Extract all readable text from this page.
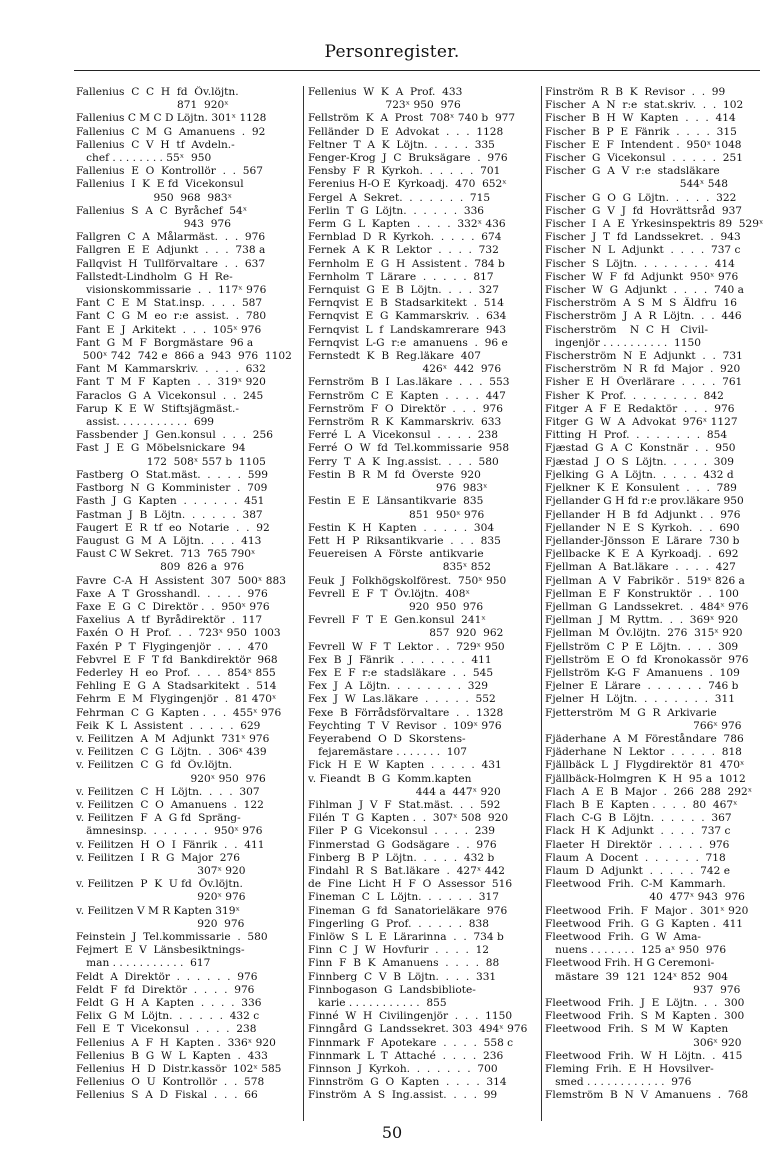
Personregister.
Fallenius  C  C  H  fd  Öv.löjtn.
871  920ˣ
Fallenius C M C D Löjtn. 301ˣ 1128
Fallenius  C  M  G  Amanuens  .  92
Fallenius  C  V  H  tf  Avdeln.-
chef . . . . . . . . 55ˣ  950
Fallenius  E  O  Kontrollör  .  .  567
Fallenius  I  K  E fd  Vicekonsul
950  968  983ˣ
Fallenius  S  A  C  Byråchef  54ˣ
943  976
Fallgren  C  A  Målarmäst.  .  .  976
Fallgren  E  E  Adjunkt  .  .  .  738 a
Fallqvist  H  Tullförvaltare  .  .  637
Fallstedt-Lindholm  G  H  Re-
visionskommissarie  .  .  117ˣ 976
Fant  C  E  M  Stat.insp.  .  .  .  587
Fant  C  G  M  eo  r:e  assist.  .  780
Fant  E  J  Arkitekt  .  .  .  105ˣ 976
Fant  G  M  F  Borgmästare  96 a
500ˣ 742  742 e  866 a  943  976  1102
Fant  M  Kammarskriv.  .  .  .  .  632
Fant  T  M  F  Kapten  .  .  319ˣ 920
Faraclos  G  A  Vicekonsul  .  .  245
Farup  K  E  W  Stiftsjägmäst.-
assist. . . . . . . . . . .  699
Fassbender  J  Gen.konsul  .  .  .  256
Fast  J  E  G  Möbelsnickare  94
172  508ˣ 557 b  1105
Fastberg  O  Stat.mäst.  .  .  .  .  599
Fastborg  N  G  Komminister  .  709
Fasth  J  G  Kapten  .  .  .  .  .  .  451
Fastman  J  B  Löjtn.  .  .  .  .  .  387
Faugert  E  R  tf  eo  Notarie  .  .  92
Faugust  G  M  A  Löjtn.  .  .  .  413
Faust C W Sekret.  713  765 790ˣ
809  826 a  976
Favre  C-A  H  Assistent  307  500ˣ 883
Faxe  A  T  Grosshandl.  .  .  .  .  976
Faxe  E  G  C  Direktör .  .  950ˣ 976
Faxelius  A  tf  Byrådirektör  .  117
Faxén  O  H  Prof.  .  .  723ˣ 950  1003
Faxén  P  T  Flygingenjör  .  .  .  470
Febvrel  E  F  T fd  Bankdirektör  968
Federley  H  eo  Prof.  .  .  .  854ˣ 855
Fehling  E  G  A  Stadsarkitekt  .  514
Fehrm  E  M  Flygingenjör  .  81 470ˣ
Fehrman  C  G  Kapten .  .  .  455ˣ 976
Feik  K  L  Assistent  .  .  .  .  .  629
v. Feilitzen  A  M  Adjunkt  731ˣ 976
v. Feilitzen  C  G  Löjtn.  .  306ˣ 439
v. Feilitzen  C  G  fd  Öv.löjtn.
920ˣ 950  976
v. Feilitzen  C  H  Löjtn.  .  .  .  307
v. Feilitzen  C  O  Amanuens  .  122
v. Feilitzen  F  A  G fd  Spräng-
ämnesinsp.  .  .  .  .  .  .  950ˣ 976
v. Feilitzen  H  O  I  Fänrik  .  .  411
v. Feilitzen  I  R  G  Major  276
307ˣ 920
v. Feilitzen  P  K  U fd  Öv.löjtn.
920ˣ 976
v. Feilitzen V M R Kapten 319ˣ
920  976
Feinstein  J  Tel.kommissarie  .  580
Fejmert  E  V  Länsbesiktnings-
man . . . . . . . . . . .  617
Feldt  A  Direktör  .  .  .  .  .  .  976
Feldt  F  fd  Direktör  .  .  .  .  976
Feldt  G  H  A  Kapten  .  .  .  .  336
Felix  G  M  Löjtn.  .  .  .  .  .  432 c
Fell  E  T  Vicekonsul  .  .  .  .  238
Fellenius  A  F  H  Kapten .  336ˣ 920
Fellenius  B  G  W  L  Kapten  .  433
Fellenius  H  D  Distr.kassör  102ˣ 585
Fellenius  O  U  Kontrollör  .  .  578
Fellenius  S  A  D  Fiskal  .  .  .  66
Fellenius  W  K  A  Prof.  433
723ˣ 950  976
Fellström  K  A  Prost  708ˣ 740 b  977
Felländer  D  E  Advokat  .  .  .  1128
Feltner  T  A  K  Löjtn.  .  .  .  .  335
Fenger-Krog  J  C  Bruksägare  .  976
Fensby  F  R  Kyrkoh.  .  .  .  .  .  701
Ferenius H-O E  Kyrkoadj.  470  652ˣ
Fergel  A  Sekret.  .  .  .  .  .  .  715
Ferlin  T  G  Löjtn.  .  .  .  .  .  336
Ferm  G  L  Kapten  .  .  .  .  332ˣ 436
Fernblad  D  R  Kyrkoh.  .  .  .  .  674
Fernek  A  K  R  Lektor  .  .  .  .  732
Fernholm  E  G  H  Assistent .  784 b
Fernholm  T  Lärare  .  .  .  .  .  817
Fernquist  G  E  B  Löjtn.  .  .  .  327
Fernqvist  E  B  Stadsarkitekt  .  514
Fernqvist  E  G  Kammarskriv.  .  634
Fernqvist  L  f  Landskamrerare  943
Fernqvist  L-G  r:e  amanuens  .  96 e
Fernstedt  K  B  Reg.läkare  407
426ˣ  442  976
Fernström  B  I  Las.läkare  .  .  .  553
Fernström  C  E  Kapten  .  .  .  .  447
Fernström  F  O  Direktör  .  .  .  976
Fernström  R  K  Kammarskriv.  633
Ferré  L  A  Vicekonsul  .  .  .  .  238
Ferré  O  W  fd  Tel.kommissarie  958
Ferry  T  A  K  Ing.assist.  .  .  .  580
Festin  B  R  M  fd  Överste  920
976  983ˣ
Festin  E  E  Länsantikvarie  835
851  950ˣ 976
Festin  K  H  Kapten  .  .  .  .  .  304
Fett  H  P  Riksantikvarie  .  .  .  835
Feuereisen  A  Förste  antikvarie
835ˣ 852
Feuk  J  Folkhögskolförest.  750ˣ 950
Fevrell  E  F  T  Öv.löjtn.  408ˣ
920  950  976
Fevrell  F  T  E  Gen.konsul  241ˣ
857  920  962
Fevrell  W  F  T  Lektor .  .  729ˣ 950
Fex  B  J  Fänrik  .  .  .  .  .  .  .  411
Fex  E  F  r:e  stadsläkare  .  .  545
Fex  J  A  Löjtn.  .  .  .  .  .  .  .  329
Fex  J  W  Las.läkare  .  .  .  .  .  552
Fexe  B  Förrådsförvaltare  .  .  1328
Feychting  T  V  Revisor  .  109ˣ 976
Feyerabend  O  D  Skorstens-
fejaremästare . . . . . . .  107
Fick  H  E  W  Kapten  .  .  .  .  .  431
v. Fieandt  B  G  Komm.kapten
444 a  447ˣ 920
Fihlman  J  V  F  Stat.mäst.  .  .  592
Filén  T  G  Kapten .  .  307ˣ 508  920
Filer  P  G  Vicekonsul  .  .  .  .  239
Finmerstad  G  Godsägare  .  .  976
Finberg  B  P  Löjtn.  .  .  .  .  432 b
Findahl  R  S  Bat.läkare  .  427ˣ 442
de  Fine  Licht  H  F  O  Assessor  516
Fineman  C  L  Löjtn.  .  .  .  .  .  317
Fineman  G  fd  Sanatorieläkare  976
Fingerling  G  Prof.  .  .  .  .  .  838
Finlöw  S  L  E  Lärarinna  .  .  734 b
Finn  C  J  W  Hovfurir  .  .  .  .  12
Finn  F  B  K  Amanuens  .  .  .  .  88
Finnberg  C  V  B  Löjtn.  .  .  .  331
Finnbogason  G  Landsbibliote-
karie . . . . . . . . . . .  855
Finné  W  H  Civilingenjör  .  .  .  1150
Finngård  G  Landssekret. 303  494ˣ 976
Finnmark  F  Apotekare  .  .  .  .  558 c
Finnmark  L  T  Attaché  .  .  .  .  236
Finnson  J  Kyrkoh.  .  .  .  .  .  .  700
Finnström  G  O  Kapten  .  .  .  .  314
Finström  A  S  Ing.assist.  .  .  .  99
Finström  R  B  K  Revisor  .  .  99
Fischer  A  N  r:e  stat.skriv.  .  .  102
Fischer  B  H  W  Kapten  .  .  .  414
Fischer  B  P  E  Fänrik  .  .  .  .  315
Fischer  E  F  Intendent .  950ˣ 1048
Fischer  G  Vicekonsul  .  .  .  .  .  251
Fischer  G  A  V  r:e  stadsläkare
544ˣ 548
Fischer  G  O  G  Löjtn.  .  .  .  .  322
Fischer  G  V  J  fd  Hovrättsråd  937
Fischer  I  A  E  Yrkesinspektris 89  529ˣ
Fischer  J  T  fd  Landssekret.  .  943
Fischer  N  L  Adjunkt  .  .  .  .  737 c
Fischer  S  Löjtn.  .  .  .  .  .  .  .  414
Fischer  W  F  fd  Adjunkt  950ˣ 976
Fischer  W  G  Adjunkt  .  .  .  .  740 a
Fischerström  A  S  M  S  Äldfru  16
Fischerström  J  A  R  Löjtn.  .  .  446
Fischerström    N  C  H   Civil-
ingenjör . . . . . . . . . .  1150
Fischerström  N  E  Adjunkt  .  .  731
Fischerström  N  R  fd  Major  .  920
Fisher  E  H  Överlärare  .  .  .  .  761
Fisher  K  Prof.  .  .  .  .  .  .  .  842
Fitger  A  F  E  Redaktör  .  .  .  976
Fitger  G  W  A  Advokat  976ˣ 1127
Fitting  H  Prof.  .  .  .  .  .  .  .  854
Fjæstad  G  A  C  Konstnär  .  .  950
Fjæstad  J  O  S  Löjtn.  .  .  .  .  309
Fjelking  G  A  Löjtn.  .  .  .  .  432 d
Fjelkner  K  E  Konsulent  .  .  .  789
Fjellander G H fd r:e prov.läkare 950
Fjellander  H  B  fd  Adjunkt .  .  976
Fjellander  N  E  S  Kyrkoh.  .  .  690
Fjellander-Jönsson  E  Lärare  730 b
Fjellbacke  K  E  A  Kyrkoadj.  .  692
Fjellman  A  Bat.läkare  .  .  .  .  427
Fjellman  A  V  Fabrikör .  519ˣ 826 a
Fjellman  E  F  Konstruktör  .  .  100
Fjellman  G  Landssekret.  .  484ˣ 976
Fjellman  J  M  Ryttm.  .  .  369ˣ 920
Fjellman  M  Öv.löjtn.  276  315ˣ 920
Fjellström  C  P  E  Löjtn.  .  .  .  309
Fjellström  E  O  fd  Kronokassör  976
Fjellström  K-G  F  Amanuens  .  109
Fjelner  E  Lärare  .  .  .  .  .  .  746 b
Fjelner  H  Löjtn.  .  .  .  .  .  .  .  311
Fjetterström  M  G  R  Arkivarie
766ˣ 976
Fjäderhane  A  M  Föreståndare  786
Fjäderhane  N  Lektor  .  .  .  .  .  818
Fjällbäck  L  J  Flygdirektör  81  470ˣ
Fjällbäck-Holmgren  K  H  95 a  1012
Flach  A  E  B  Major  .  266  288  292ˣ
Flach  B  E  Kapten .  .  .  .  80  467ˣ
Flach  C-G  B  Löjtn.  .  .  .  .  .  367
Flack  H  K  Adjunkt  .  .  .  .  737 c
Flaeter  H  Direktör  .  .  .  .  .  976
Flaum  A  Docent  .  .  .  .  .  .  718
Flaum  D  Adjunkt  .  .  .  .  .  742 e
Fleetwood  Frih.  C-M  Kammarh.
40  477ˣ 943  976
Fleetwood  Frih.  F  Major .  301ˣ 920
Fleetwood  Frih.  G  G  Kapten .  411
Fleetwood  Frih.  G  W  Ama-
nuens . . . . . . .  125 aˣ 950  976
Fleetwood Frih. H G Ceremoni-
mästare  39  121  124ˣ 852  904
937  976
Fleetwood  Frih.  J  E  Löjtn.  .  .  300
Fleetwood  Frih.  S  M  Kapten .  300
Fleetwood  Frih.  S  M  W  Kapten
306ˣ 920
Fleetwood  Frih.  W  H  Löjtn.  .  415
Fleming  Frih.  E  H  Hovsilver-
smed . . . . . . . . . . . .  976
Flemström  B  N  V  Amanuens  .  768
50
